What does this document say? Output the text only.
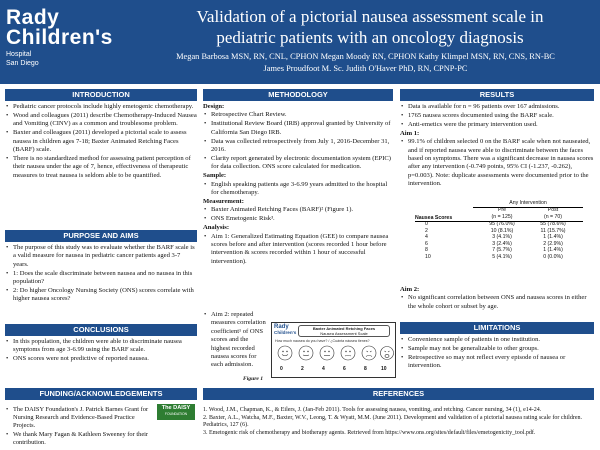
Rady
Children's
Hospital
San Diego
Validation of a pictorial nausea assessment scale in pediatric patients with an oncology diagnosis
Megan Barbosa MSN, RN, CNL, CPHON Megan Moody RN, CPHON Kathy Klimpel MSN, RN, CNS, RN-BC
James Proudfoot M. Sc. Judith O'Haver PhD, RN, CPNP-PC
INTRODUCTION
• Pediatric cancer protocols include highly emetogenic chemotherapy.
• Wood and colleagues (2011) describe Chemotherapy-Induced Nausea and Vomiting (CINV) as a common and troublesome problem.
• Baxter and colleagues (2011) developed a pictorial scale to assess nausea in children ages 7-18; Baxter Animated Retching Faces (BARF) scale.
• There is no standardized method for assessing patient perception of their nausea under the age of 7, hence, effectiveness of therapeutic measures to treat nausea is seldom able to be quantified.
PURPOSE AND AIMS
• The purpose of this study was to evaluate whether the BARF scale is a valid measure for nausea in pediatric cancer patients aged 3-7 years.
• 1: Does the scale discriminate between nausea and no nausea in this population?
• 2: Do higher Oncology Nursing Society (ONS) scores correlate with higher nausea scores?
CONCLUSIONS
• In this population, the children were able to discriminate nausea symptoms from age 3-6.99 using the BARF scale.
• ONS scores were not predictive of reported nausea.
FUNDING/ACKNOWLEDGEMENTS
• The DAISY Foundation's J. Patrick Barnes Grant for Nursing Research and Evidence-Based Practice Projects.
• We thank Mary Fagan & Kathleen Sweeney for their contribution.
The DAISY
FOUNDATION
METHODOLOGY
Design:
• Retrospective Chart Review.
• Institutional Review Board (IRB) approval granted by University of California San Diego IRB.
• Data was collected retrospectively from July 1, 2016-December 31, 2016.
• Clarity report generated by electronic documentation system (EPIC) for data collection. ONS score calculated for medication.
Sample:
• English speaking patients age 3-6.99 years admitted to the hospital for chemotherapy.
Measurement:
• Baxter Animated Retching Faces (BARF)² (Figure 1).
• ONS Emetogenic Risk³.
Analysis:
• Aim 1: Generalized Estimating Equation (GEE) to compare nausea scores before and after intervention (scores recorded 1 hour before intervention & scores recorded within 1 hour of successful intervention).
• Aim 2: repeated measures correlation coefficient¹ of ONS scores and the highest recorded nausea scores for each admission.
Rady
Children's
Baxter Animated Retching Faces
Nausea Assessment Scale
How much nausea do you have? / ¿Cuánta náusea tienes?
0	2	4	6	8	10
Figure 1
RESULTS
• Data is available for n = 96 patients over 167 admissions.
• 1765 nausea scores documented using the BARF scale.
• Anti-emetics were the primary intervention used.
Aim 1:
• 99.1% of children selected 0 on the BARF scale when not nauseated, and if reported nausea were able to discriminate between the faces based on symptoms. There was a significant decrease in nausea scores after any intervention (-0.749 points, 95% CI (-1.237, -0.262), p=0.003). Note: duplicate assessments were documented prior to the intervention.
Any Intervention
Pre
(n = 125)
Post
(n = 70)
Nausea Scores
0	95 (76.0%)	55 (78.6%)
2	10 (8.1%)	11 (15.7%)
4	3 (4.1%)	1 (1.4%)
6	3 (2.4%)	2 (2.9%)
8	7 (5.7%)	1 (1.4%)
10	5 (4.1%)	0 (0.0%)
Aim 2:
• No significant correlation between ONS and nausea scores in either the whole cohort or subset by age.
LIMITATIONS
• Convenience sample of patients in one institution.
• Sample may not be generalizable to other groups.
• Retrospective so may not reflect every episode of nausea or intervention.
REFERENCES
1. Wood, J.M., Chapman, K., & Eilers, J. (Jan-Feb 2011). Tools for assessing nausea, vomiting, and retching. Cancer nursing, 34 (1), e14-24.
2. Baxter, A.L., Watcha, M.F., Baxter, W.V., Leong, T. & Wyatt, M.M. (June 2011). Development and validation of a pictorial nausea rating scale for children. Pediatrics, 127 (6).
3. Emetogenic risk of chemotherapy and biotherapy agents. Retrieved from https://www.ons.org/sites/default/files/emetogenicity_tool.pdf.
